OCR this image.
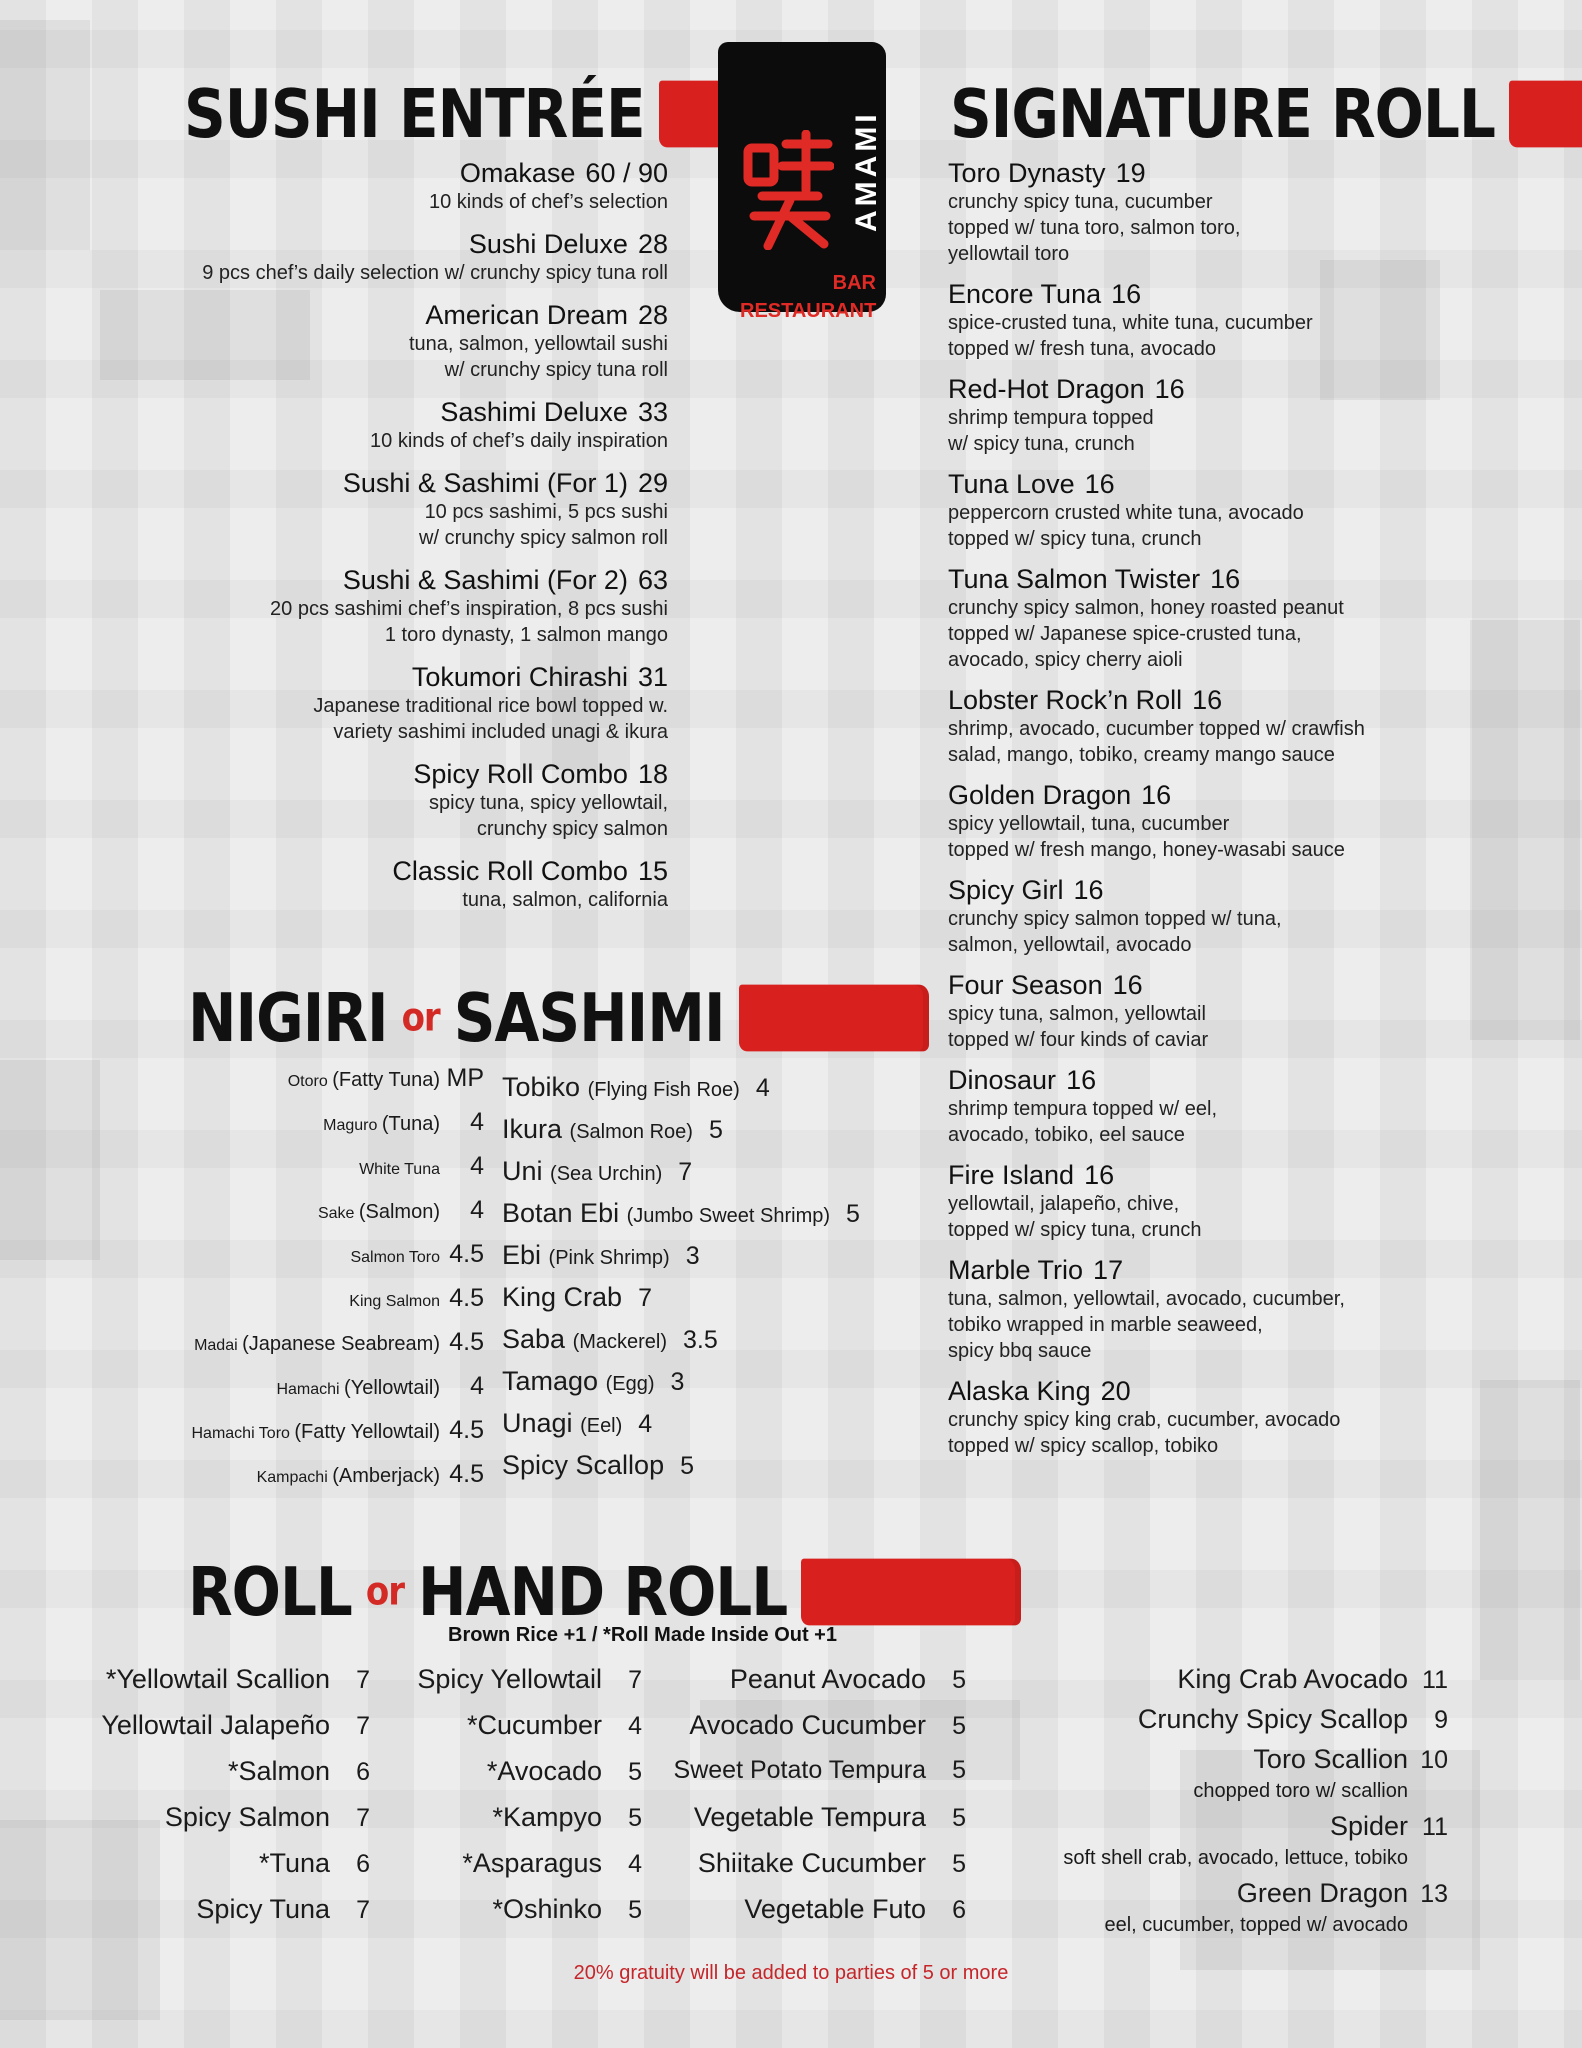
SUSHI ENTRÉE	AMAMI
BAR
RESTAURANT
SIGNATURE ROLL
Omakase 60 / 90
10 kinds of chef’s selection
Sushi Deluxe 28
9 pcs chef’s daily selection w/ crunchy spicy tuna roll
American Dream 28
tuna, salmon, yellowtail sushi
w/ crunchy spicy tuna roll
Sashimi Deluxe 33
10 kinds of chef’s daily inspiration
Sushi & Sashimi (For 1) 29
10 pcs sashimi, 5 pcs sushi
w/ crunchy spicy salmon roll
Sushi & Sashimi (For 2) 63
20 pcs sashimi chef’s inspiration, 8 pcs sushi
1 toro dynasty, 1 salmon mango
Tokumori Chirashi 31
Japanese traditional rice bowl topped w.
variety sashimi included unagi & ikura
Spicy Roll Combo 18
spicy tuna, spicy yellowtail,
crunchy spicy salmon
Classic Roll Combo 15
tuna, salmon, california
Toro Dynasty 19
crunchy spicy tuna, cucumber
topped w/ tuna toro, salmon toro,
yellowtail toro
Encore Tuna 16
spice-crusted tuna, white tuna, cucumber
topped w/ fresh tuna, avocado
Red-Hot Dragon 16
shrimp tempura topped
w/ spicy tuna, crunch
Tuna Love 16
peppercorn crusted white tuna, avocado
topped w/ spicy tuna, crunch
Tuna Salmon Twister 16
crunchy spicy salmon, honey roasted peanut
topped w/ Japanese spice-crusted tuna,
avocado, spicy cherry aioli
Lobster Rock’n Roll 16
shrimp, avocado, cucumber topped w/ crawfish
salad, mango, tobiko, creamy mango sauce
Golden Dragon 16
spicy yellowtail, tuna, cucumber
topped w/ fresh mango, honey-wasabi sauce
Spicy Girl 16
crunchy spicy salmon topped w/ tuna,
salmon, yellowtail, avocado
Four Season 16
spicy tuna, salmon, yellowtail
topped w/ four kinds of caviar
Dinosaur 16
shrimp tempura topped w/ eel,
avocado, tobiko, eel sauce
Fire Island 16
yellowtail, jalapeño, chive,
topped w/ spicy tuna, crunch
Marble Trio 17
tuna, salmon, yellowtail, avocado, cucumber,
tobiko wrapped in marble seaweed,
spicy bbq sauce
Alaska King 20
crunchy spicy king crab, cucumber, avocado
topped w/ spicy scallop, tobiko
NIGIRI or SASHIMI
Otoro
(Fatty Tuna) MP
Maguro
(Tuna)	4
White Tuna	4
Sake
(Salmon)	4
Salmon Toro 4.5
King Salmon 4.5
Madai
(Japanese Seabream) 4.5
Hamachi
(Yellowtail)	4
Hamachi Toro
(Fatty Yellowtail) 4.5
Kampachi
(Amberjack) 4.5
Tobiko
(Flying Fish Roe) 4
Ikura
(Salmon Roe) 5
Uni
(Sea Urchin) 7
Botan Ebi
(Jumbo Sweet Shrimp) 5
Ebi
(Pink Shrimp) 3
King Crab 7
Saba
(Mackerel) 3.5
Tamago
(Egg) 3
Unagi
(Eel) 4
Spicy Scallop 5
ROLL or HAND ROLL
Brown Rice +1 / *Roll Made Inside Out +1
*Yellowtail Scallion	7
Yellowtail Jalapeño	7
*Salmon	6
Spicy Salmon	7
*Tuna	6
Spicy Tuna	7
Spicy Yellowtail	7
*Cucumber	4
*Avocado	5
*Kampyo	5
*Asparagus	4
*Oshinko	5
Peanut Avocado	5
Avocado Cucumber	5
Sweet Potato Tempura	5
Vegetable Tempura	5
Shiitake Cucumber	5
Vegetable Futo	6
King Crab Avocado 11
Crunchy Spicy Scallop	9
Toro Scallion 10
chopped toro w/ scallion
Spider 11
soft shell crab, avocado, lettuce, tobiko
Green Dragon 13
eel, cucumber, topped w/ avocado
20% gratuity will be added to parties of 5 or more
